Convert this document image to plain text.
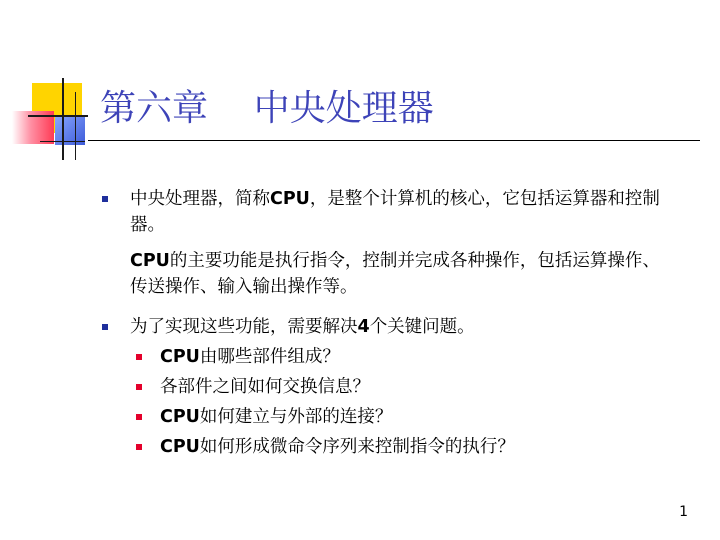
第六章    中央处理器
中央处理器，简称CPU，是整个计算机的核心，它包括运算器和控制器。
CPU的主要功能是执行指令，控制并完成各种操作，包括运算操作、传送操作、输入输出操作等。
为了实现这些功能，需要解决4个关键问题。
CPU由哪些部件组成？
各部件之间如何交换信息？
CPU如何建立与外部的连接？
CPU如何形成微命令序列来控制指令的执行？
1
